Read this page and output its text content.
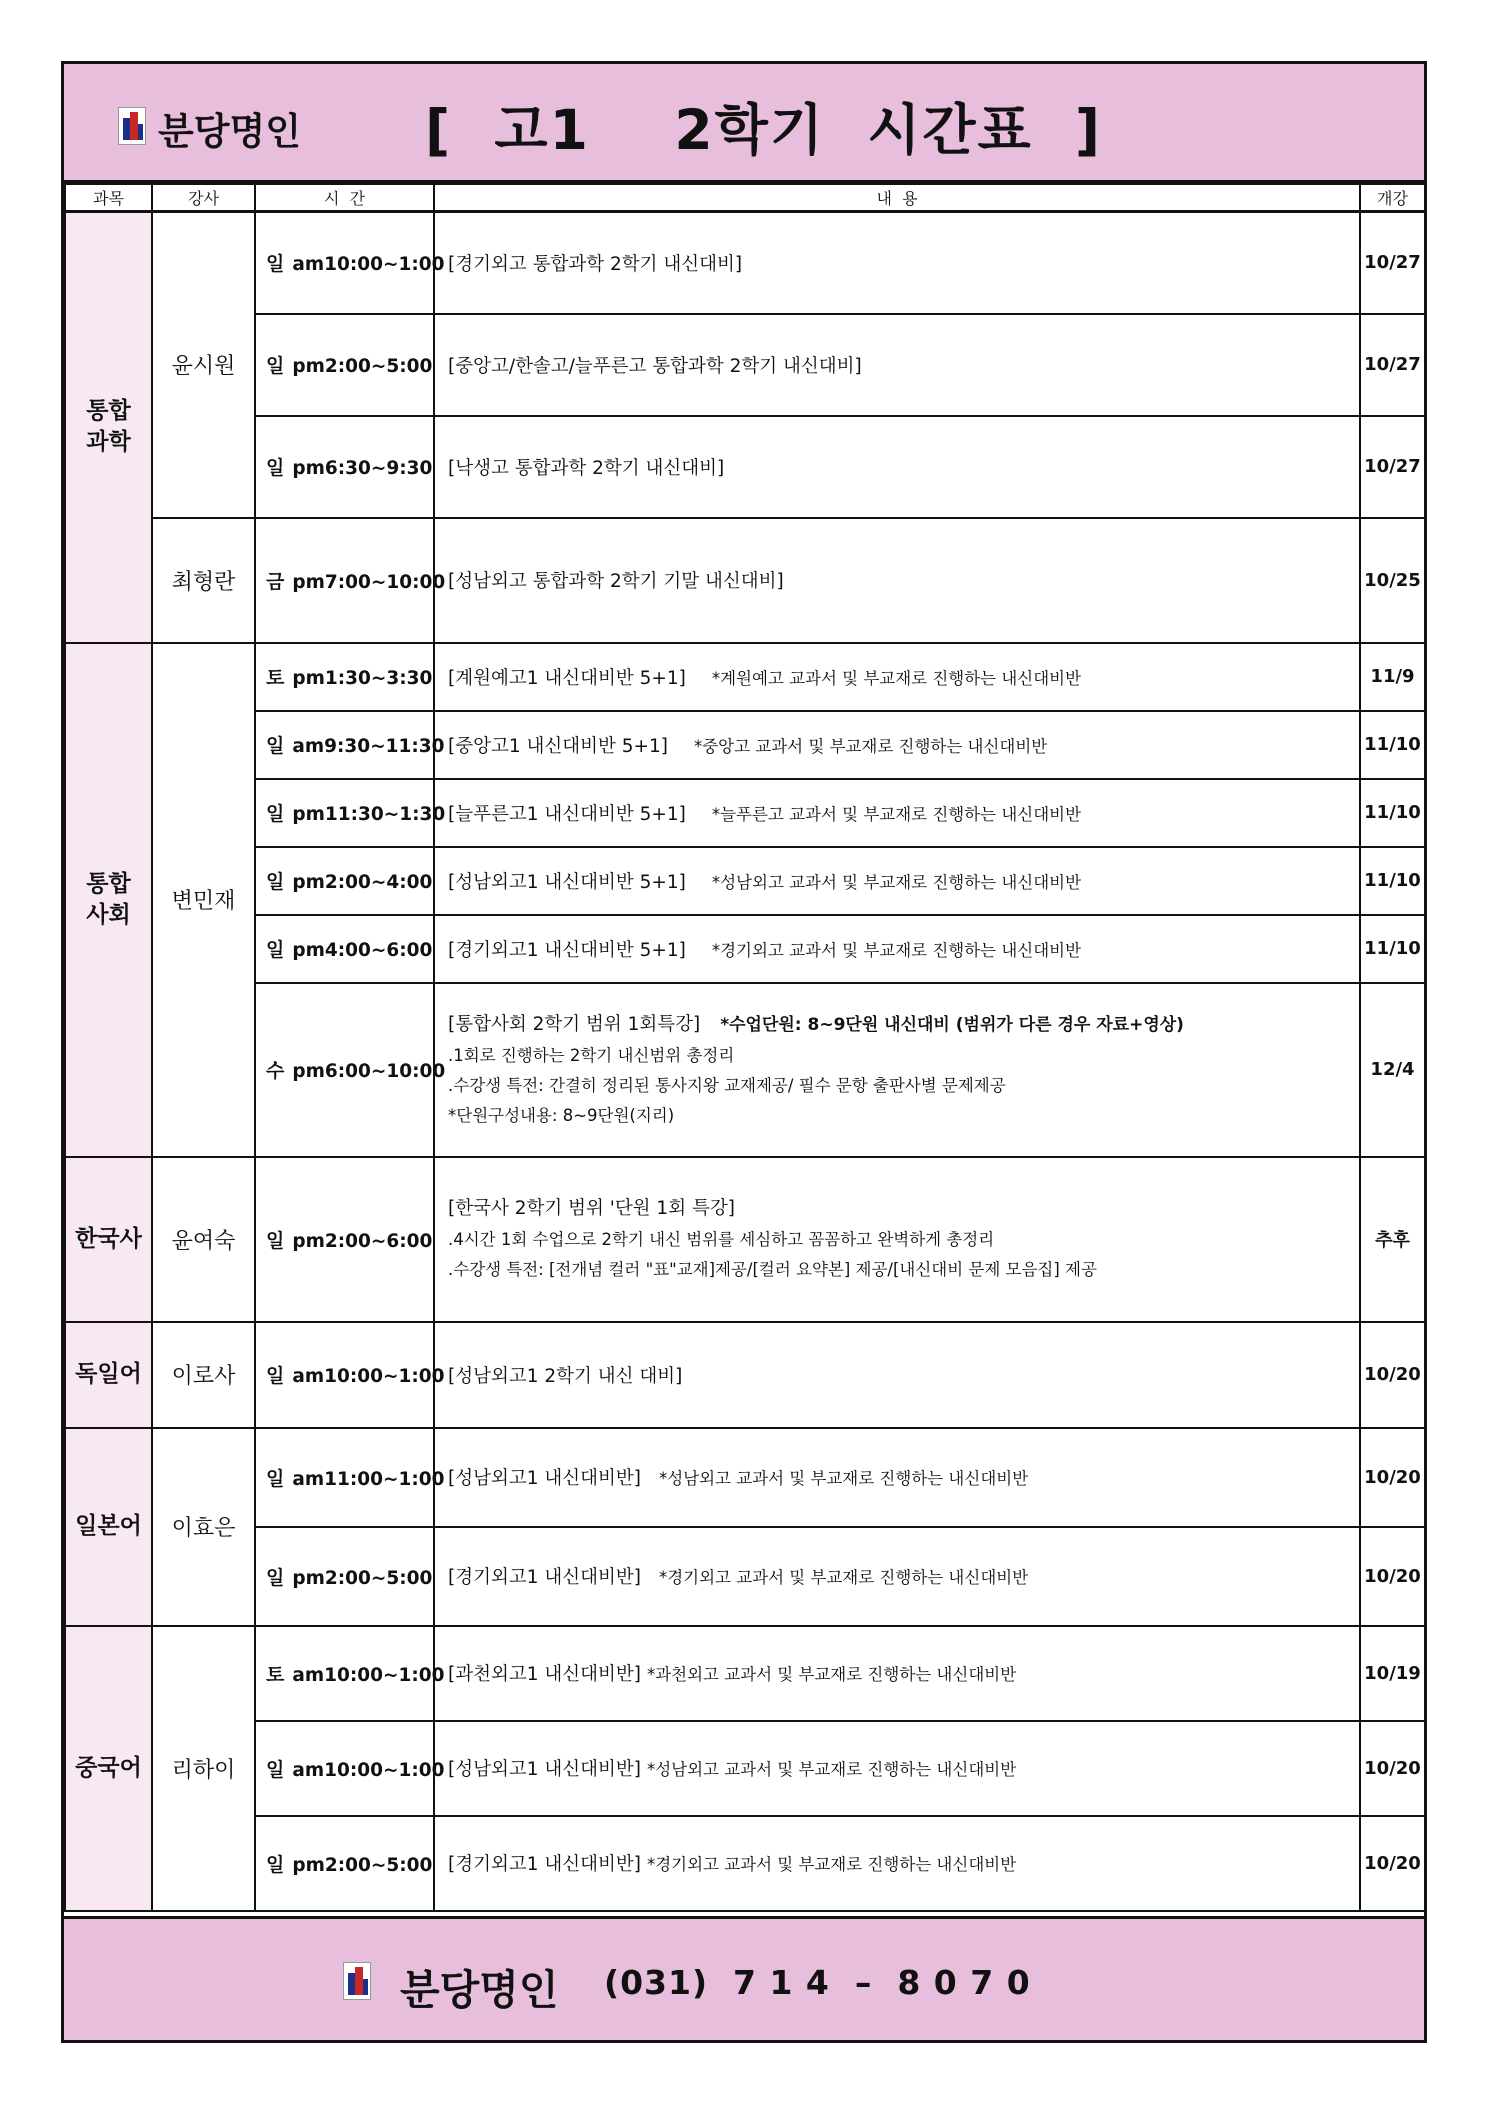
분당명인 [  고1    2학기  시간표  ]
과목	강사	시  간	내  용	개강
통합
과학	윤시원	일 am10:00~1:00	[경기외고 통합과학 2학기 내신대비]	10/27
		일 pm2:00~5:00	[중앙고/한솔고/늘푸른고 통합과학 2학기 내신대비]	10/27
		일 pm6:30~9:30	[낙생고 통합과학 2학기 내신대비]	10/27
	최형란	금 pm7:00~10:00	[성남외고 통합과학 2학기 기말 내신대비]	10/25
통합
사회	변민재	토 pm1:30~3:30	[계원예고1 내신대비반 5+1] *계원예고 교과서 및 부교재로 진행하는 내신대비반	11/9
		일 am9:30~11:30	[중앙고1 내신대비반 5+1] *중앙고 교과서 및 부교재로 진행하는 내신대비반	11/10
		일 pm11:30~1:30	[늘푸른고1 내신대비반 5+1] *늘푸른고 교과서 및 부교재로 진행하는 내신대비반	11/10
		일 pm2:00~4:00	[성남외고1 내신대비반 5+1] *성남외고 교과서 및 부교재로 진행하는 내신대비반	11/10
		일 pm4:00~6:00	[경기외고1 내신대비반 5+1] *경기외고 교과서 및 부교재로 진행하는 내신대비반	11/10
		수 pm6:00~10:00	[통합사회 2학기 범위 1회특강] *수업단원: 8~9단원 내신대비 (범위가 다른 경우 자료+영상)
.1회로 진행하는 2학기 내신범위 총정리
.수강생 특전: 간결히 정리된 통사지왕 교재제공/ 필수 문항 출판사별 문제제공
*단원구성내용: 8~9단원(지리)	12/4
한국사	윤여숙	일 pm2:00~6:00	[한국사 2학기 범위 '단원 1회 특강]
.4시간 1회 수업으로 2학기 내신 범위를 세심하고 꼼꼼하고 완벽하게 총정리
.수강생 특전: [전개념 컬러 "표"교재]제공/[컬러 요약본] 제공/[내신대비 문제 모음집] 제공	추후
독일어	이로사	일 am10:00~1:00	[성남외고1 2학기 내신 대비]	10/20
일본어	이효은	일 am11:00~1:00	[성남외고1 내신대비반] *성남외고 교과서 및 부교재로 진행하는 내신대비반	10/20
		일 pm2:00~5:00	[경기외고1 내신대비반] *경기외고 교과서 및 부교재로 진행하는 내신대비반	10/20
중국어	리하이	토 am10:00~1:00	[과천외고1 내신대비반] *과천외고 교과서 및 부교재로 진행하는 내신대비반	10/19
		일 am10:00~1:00	[성남외고1 내신대비반] *성남외고 교과서 및 부교재로 진행하는 내신대비반	10/20
		일 pm2:00~5:00	[경기외고1 내신대비반] *경기외고 교과서 및 부교재로 진행하는 내신대비반	10/20
분당명인 (031)  7 1 4  –  8 0 7 0
